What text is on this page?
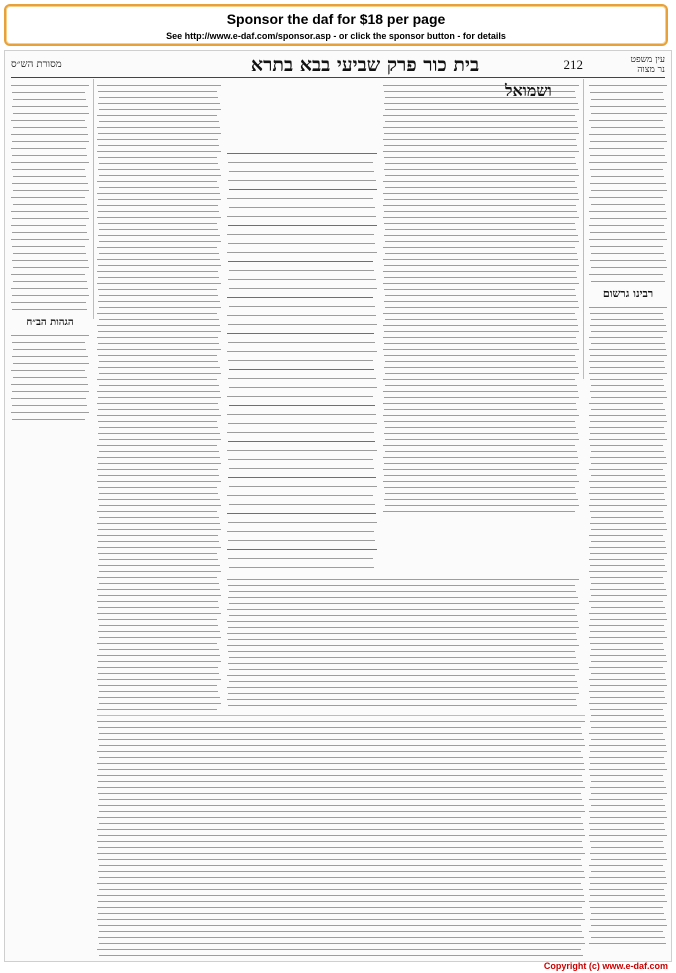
Sponsor the daf for $18 per page
See http://www.e-daf.com/sponsor.asp - or click the sponsor button - for details
מסורת הש״ס	בית כור פרק שביעי בבא בתרא	212	עין משפט
נר מצוה
הגהות הב״ח
ושמואל
רבינו גרשום
Copyright (c) www.e-daf.com
